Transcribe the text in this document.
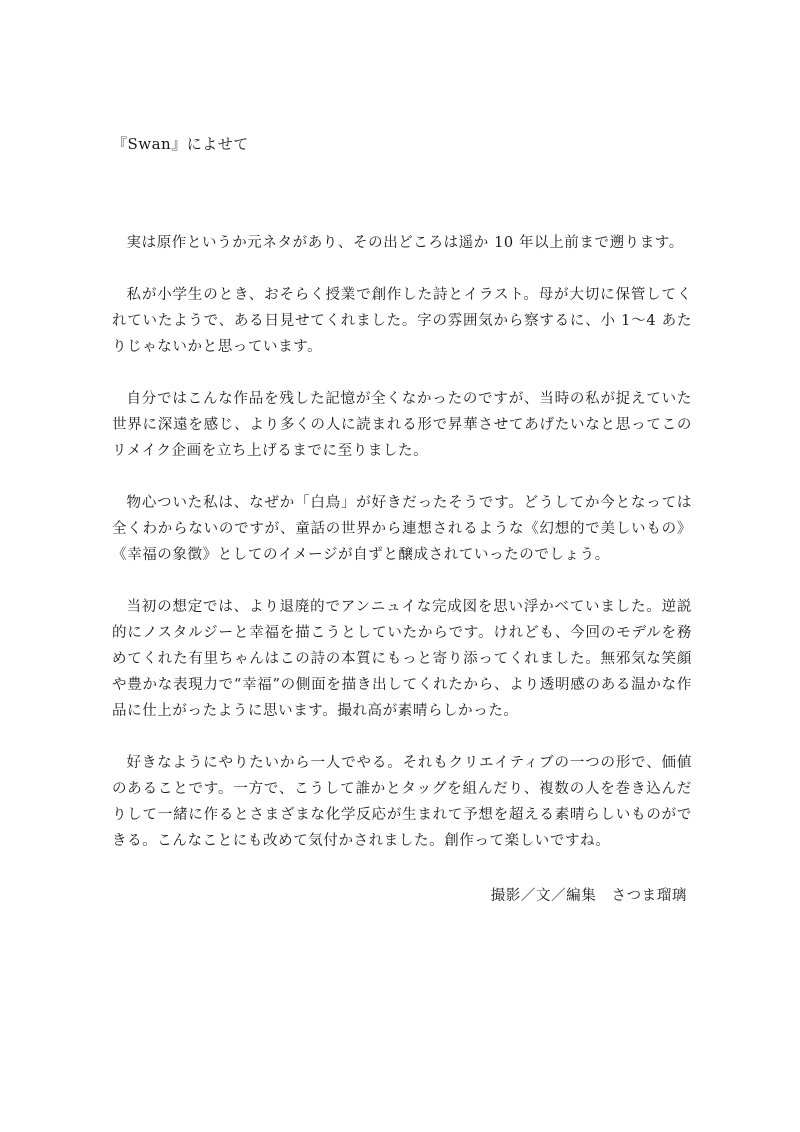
『Swan』によせて

実は原作というか元ネタがあり、その出どころは遥か 10 年以上前まで遡ります。

私が小学生のとき、おそらく授業で創作した詩とイラスト。母が大切に保管してくれていたようで、ある日見せてくれました。字の雰囲気から察するに、小 1〜4 あたりじゃないかと思っています。

自分ではこんな作品を残した記憶が全くなかったのですが、当時の私が捉えていた世界に深遠を感じ、より多くの人に読まれる形で昇華させてあげたいなと思ってこのリメイク企画を立ち上げるまでに至りました。

物心ついた私は、なぜか「白鳥」が好きだったそうです。どうしてか今となっては全くわからないのですが、童話の世界から連想されるような《幻想的で美しいもの》《幸福の象徴》としてのイメージが自ずと醸成されていったのでしょう。

当初の想定では、より退廃的でアンニュイな完成図を思い浮かべていました。逆説的にノスタルジーと幸福を描こうとしていたからです。けれども、今回のモデルを務めてくれた有里ちゃんはこの詩の本質にもっと寄り添ってくれました。無邪気な笑顔や豊かな表現力で“幸福”の側面を描き出してくれたから、より透明感のある温かな作品に仕上がったように思います。撮れ高が素晴らしかった。

好きなようにやりたいから一人でやる。それもクリエイティブの一つの形で、価値のあることです。一方で、こうして誰かとタッグを組んだり、複数の人を巻き込んだりして一緒に作るとさまざまな化学反応が生まれて予想を超える素晴らしいものができる。こんなことにも改めて気付かされました。創作って楽しいですね。

撮影／文／編集　さつま瑠璃
